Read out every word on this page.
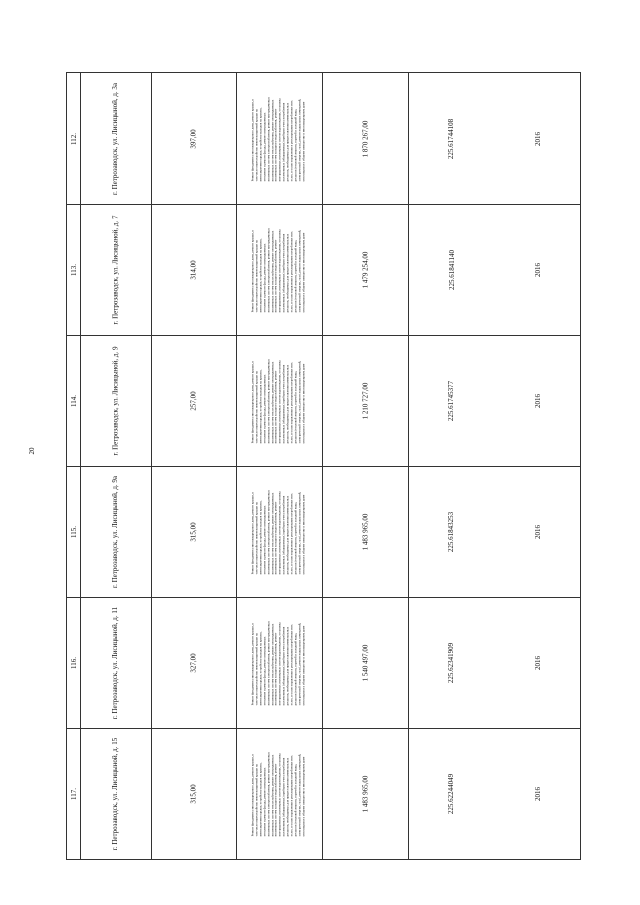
20
112.	г. Петрозаводск, ул. Лисицыной, д. 3а	397,00	Ремонт фундамента многоквартирного дома, ремонт крыши, в том числе переустройство невентилируемой крыши на вентилируемую крышу, устройство выходов на кровлю, утепление и ремонт фасада, ремонт внутридомовых инженерных систем электроснабжения, ремонт внутридомовых инженерных систем теплоснабжения, ремонт внутридомовых инженерных систем холодного водоснабжения, ремонт внутридомовых инженерных систем водоотведения, установка коллективных (общедомовых) приборов учета потребления ресурсов, необходимых для предоставления коммунальных услуг, и узлов управления и регулирования потребления этих ресурсов (тепловой энергии, горячей и холодной воды, электрической энергии, газа), ремонт подвальных помещений, относящихся к общему имуществу в многоквартирном доме	1 870 267,00	225.61744108	2016
113.	г. Петрозаводск, ул. Лисицыной, д. 7	314,00	Ремонт фундамента многоквартирного дома, ремонт крыши, в том числе переустройство невентилируемой крыши на вентилируемую крышу, устройство выходов на кровлю, утепление и ремонт фасада, ремонт внутридомовых инженерных систем электроснабжения, ремонт внутридомовых инженерных систем теплоснабжения, ремонт внутридомовых инженерных систем холодного водоснабжения, ремонт внутридомовых инженерных систем водоотведения, установка коллективных (общедомовых) приборов учета потребления ресурсов, необходимых для предоставления коммунальных услуг, и узлов управления и регулирования потребления этих ресурсов (тепловой энергии, горячей и холодной воды, электрической энергии, газа), ремонт подвальных помещений, относящихся к общему имуществу в многоквартирном доме	1 479 254,00	225.61841140	2016
114.	г. Петрозаводск, ул. Лисицыной, д. 9	257,00	Ремонт фундамента многоквартирного дома, ремонт крыши, в том числе переустройство невентилируемой крыши на вентилируемую крышу, устройство выходов на кровлю, утепление и ремонт фасада, ремонт внутридомовых инженерных систем электроснабжения, ремонт внутридомовых инженерных систем теплоснабжения, ремонт внутридомовых инженерных систем холодного водоснабжения, ремонт внутридомовых инженерных систем водоотведения, установка коллективных (общедомовых) приборов учета потребления ресурсов, необходимых для предоставления коммунальных услуг, и узлов управления и регулирования потребления этих ресурсов (тепловой энергии, горячей и холодной воды, электрической энергии, газа), ремонт подвальных помещений, относящихся к общему имуществу в многоквартирном доме	1 210 727,00	225.61745377	2016
115.	г. Петрозаводск, ул. Лисицыной, д. 9а	315,00	Ремонт фундамента многоквартирного дома, ремонт крыши, в том числе переустройство невентилируемой крыши на вентилируемую крышу, устройство выходов на кровлю, утепление и ремонт фасада, ремонт внутридомовых инженерных систем электроснабжения, ремонт внутридомовых инженерных систем теплоснабжения, ремонт внутридомовых инженерных систем холодного водоснабжения, ремонт внутридомовых инженерных систем водоотведения, установка коллективных (общедомовых) приборов учета потребления ресурсов, необходимых для предоставления коммунальных услуг, и узлов управления и регулирования потребления этих ресурсов (тепловой энергии, горячей и холодной воды, электрической энергии, газа), ремонт подвальных помещений, относящихся к общему имуществу в многоквартирном доме	1 483 965,00	225.61843253	2016
116.	г. Петрозаводск, ул. Лисицыной, д. 11	327,00	Ремонт фундамента многоквартирного дома, ремонт крыши, в том числе переустройство невентилируемой крыши на вентилируемую крышу, устройство выходов на кровлю, утепление и ремонт фасада, ремонт внутридомовых инженерных систем электроснабжения, ремонт внутридомовых инженерных систем теплоснабжения, ремонт внутридомовых инженерных систем холодного водоснабжения, ремонт внутридомовых инженерных систем водоотведения, установка коллективных (общедомовых) приборов учета потребления ресурсов, необходимых для предоставления коммунальных услуг, и узлов управления и регулирования потребления этих ресурсов (тепловой энергии, горячей и холодной воды, электрической энергии, газа), ремонт подвальных помещений, относящихся к общему имуществу в многоквартирном доме	1 540 497,00	225.62341909	2016
117.	г. Петрозаводск, ул. Лисицыной, д. 15	315,00	Ремонт фундамента многоквартирного дома, ремонт крыши, в том числе переустройство невентилируемой крыши на вентилируемую крышу, устройство выходов на кровлю, утепление и ремонт фасада, ремонт внутридомовых инженерных систем электроснабжения, ремонт внутридомовых инженерных систем теплоснабжения, ремонт внутридомовых инженерных систем холодного водоснабжения, ремонт внутридомовых инженерных систем водоотведения, установка коллективных (общедомовых) приборов учета потребления ресурсов, необходимых для предоставления коммунальных услуг, и узлов управления и регулирования потребления этих ресурсов (тепловой энергии, горячей и холодной воды, электрической энергии, газа), ремонт подвальных помещений, относящихся к общему имуществу в многоквартирном доме	1 483 965,00	225.62244049	2016
